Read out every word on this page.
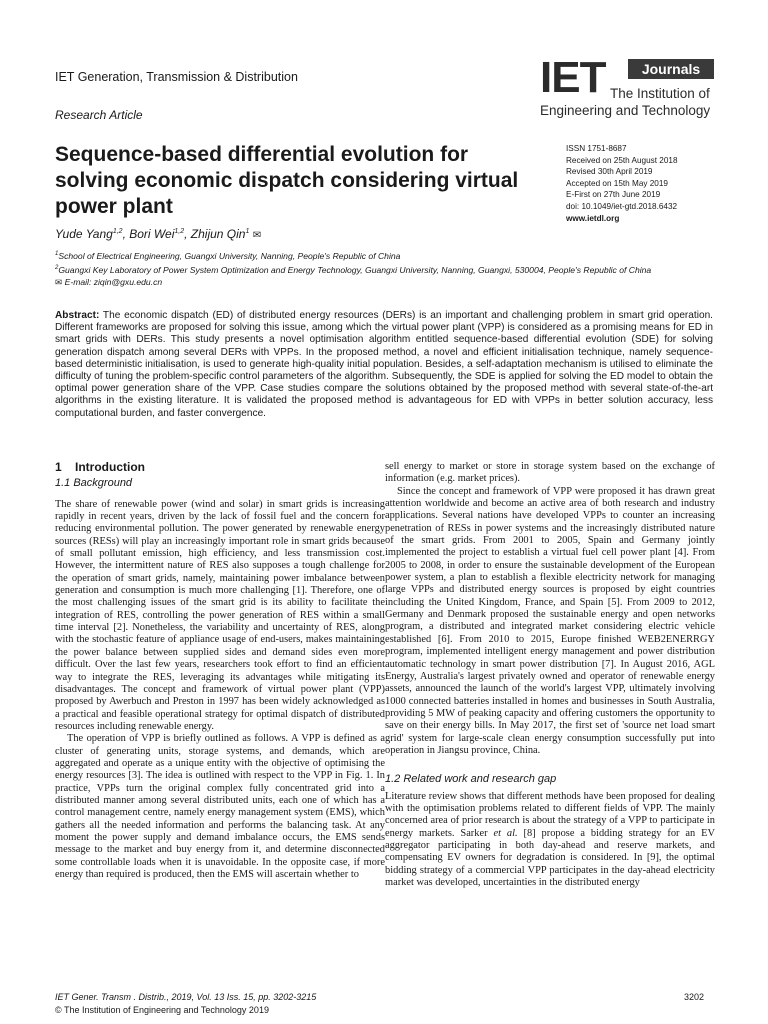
IET Generation, Transmission & Distribution
Research Article
IET	Journals
The Institution of
Engineering and Technology
Sequence-based differential evolution for solving economic dispatch considering virtual power plant
ISSN 1751-8687
Received on 25th August 2018
Revised 30th April 2019
Accepted on 15th May 2019
E-First on 27th June 2019
doi: 10.1049/iet-gtd.2018.6432
www.ietdl.org
Yude Yang$^{1,2}$, Bori Wei$^{1,2}$, Zhijun Qin$^1$ ✉
$^1$School of Electrical Engineering, Guangxi University, Nanning, People's Republic of China
$^2$Guangxi Key Laboratory of Power System Optimization and Energy Technology, Guangxi University, Nanning, Guangxi, 530004, People's Republic of China
✉ E-mail: ziqin@gxu.edu.cn
Abstract: The economic dispatch (ED) of distributed energy resources (DERs) is an important and challenging problem in smart grid operation. Different frameworks are proposed for solving this issue, among which the virtual power plant (VPP) is considered as a promising means for ED in smart grids with DERs. This study presents a novel optimisation algorithm entitled sequence-based differential evolution (SDE) for solving generation dispatch among several DERs with VPPs. In the proposed method, a novel and efficient initialisation technique, namely sequence-based deterministic initialisation, is used to generate high-quality initial population. Besides, a self-adaptation mechanism is utilised to eliminate the difficulty of tuning the problem-specific control parameters of the algorithm. Subsequently, the SDE is applied for solving the ED model to obtain the optimal power generation share of the VPP. Case studies compare the solutions obtained by the proposed method with several state-of-the-art algorithms in the existing literature. It is validated the proposed method is advantageous for ED with VPPs in better solution accuracy, less computational burden, and faster convergence.
1    Introduction
1.1 Background

The share of renewable power (wind and solar) in smart grids is increasing rapidly in recent years, driven by the lack of fossil fuel and the concern for reducing environmental pollution. The power generated by renewable energy sources (RESs) will play an increasingly important role in smart grids because of small pollutant emission, high efficiency, and less transmission cost. However, the intermittent nature of RES also supposes a tough challenge for the operation of smart grids, namely, maintaining power imbalance between generation and consumption is much more challenging [1]. Therefore, one of the most challenging issues of the smart grid is its ability to facilitate the integration of RES, controlling the power generation of RES within a small time interval [2]. Nonetheless, the variability and uncertainty of RES, along with the stochastic feature of appliance usage of end-users, makes maintaining the power balance between supplied sides and demand sides even more difficult. Over the last few years, researchers took effort to find an efficient way to integrate the RES, leveraging its advantages while mitigating its disadvantages. The concept and framework of virtual power plant (VPP) proposed by Awerbuch and Preston in 1997 has been widely acknowledged as a practical and feasible operational strategy for optimal dispatch of distributed resources including renewable energy.

The operation of VPP is briefly outlined as follows. A VPP is defined as a cluster of generating units, storage systems, and demands, which are aggregated and operate as a unique entity with the objective of optimising the energy resources [3]. The idea is outlined with respect to the VPP in Fig. 1. In practice, VPPs turn the original complex fully concentrated grid into a distributed manner among several distributed units, each one of which has a control management centre, namely energy management system (EMS), which gathers all the needed information and performs the balancing task. At any moment the power supply and demand imbalance occurs, the EMS sends message to the market and buy energy from it, and determine disconnected some controllable loads when it is unavoidable. In the opposite case, if more energy than required is produced, then the EMS will ascertain whether to

sell energy to market or store in storage system based on the exchange of information (e.g. market prices).

Since the concept and framework of VPP were proposed it has drawn great attention worldwide and become an active area of both research and industry applications. Several nations have developed VPPs to counter an increasing penetration of RESs in power systems and the increasingly distributed nature of the smart grids. From 2001 to 2005, Spain and Germany jointly implemented the project to establish a virtual fuel cell power plant [4]. From 2005 to 2008, in order to ensure the sustainable development of the European power system, a plan to establish a flexible electricity network for managing large VPPs and distributed energy sources is proposed by eight countries including the United Kingdom, France, and Spain [5]. From 2009 to 2012, Germany and Denmark proposed the sustainable energy and open networks program, a distributed and integrated market considering electric vehicle established [6]. From 2010 to 2015, Europe finished WEB2ENERRGY program, implemented intelligent energy management and power distribution automatic technology in smart power distribution [7]. In August 2016, AGL Energy, Australia's largest privately owned and operator of renewable energy assets, announced the launch of the world's largest VPP, ultimately involving 1000 connected batteries installed in homes and businesses in South Australia, providing 5 MW of peaking capacity and offering customers the opportunity to save on their energy bills. In May 2017, the first set of 'source net load smart grid' system for large-scale clean energy consumption successfully put into operation in Jiangsu province, China.

1.2 Related work and research gap

Literature review shows that different methods have been proposed for dealing with the optimisation problems related to different fields of VPP. The mainly concerned area of prior research is about the strategy of a VPP to participate in energy markets. Sarker et al. [8] propose a bidding strategy for an EV aggregator participating in both day-ahead and reserve markets, and compensating EV owners for degradation is considered. In [9], the optimal bidding strategy of a commercial VPP participates in the day-ahead electricity market was developed, uncertainties in the distributed energy

IET Gener. Transm . Distrib., 2019, Vol. 13 Iss. 15, pp. 3202-3215
© The Institution of Engineering and Technology 2019
3202
